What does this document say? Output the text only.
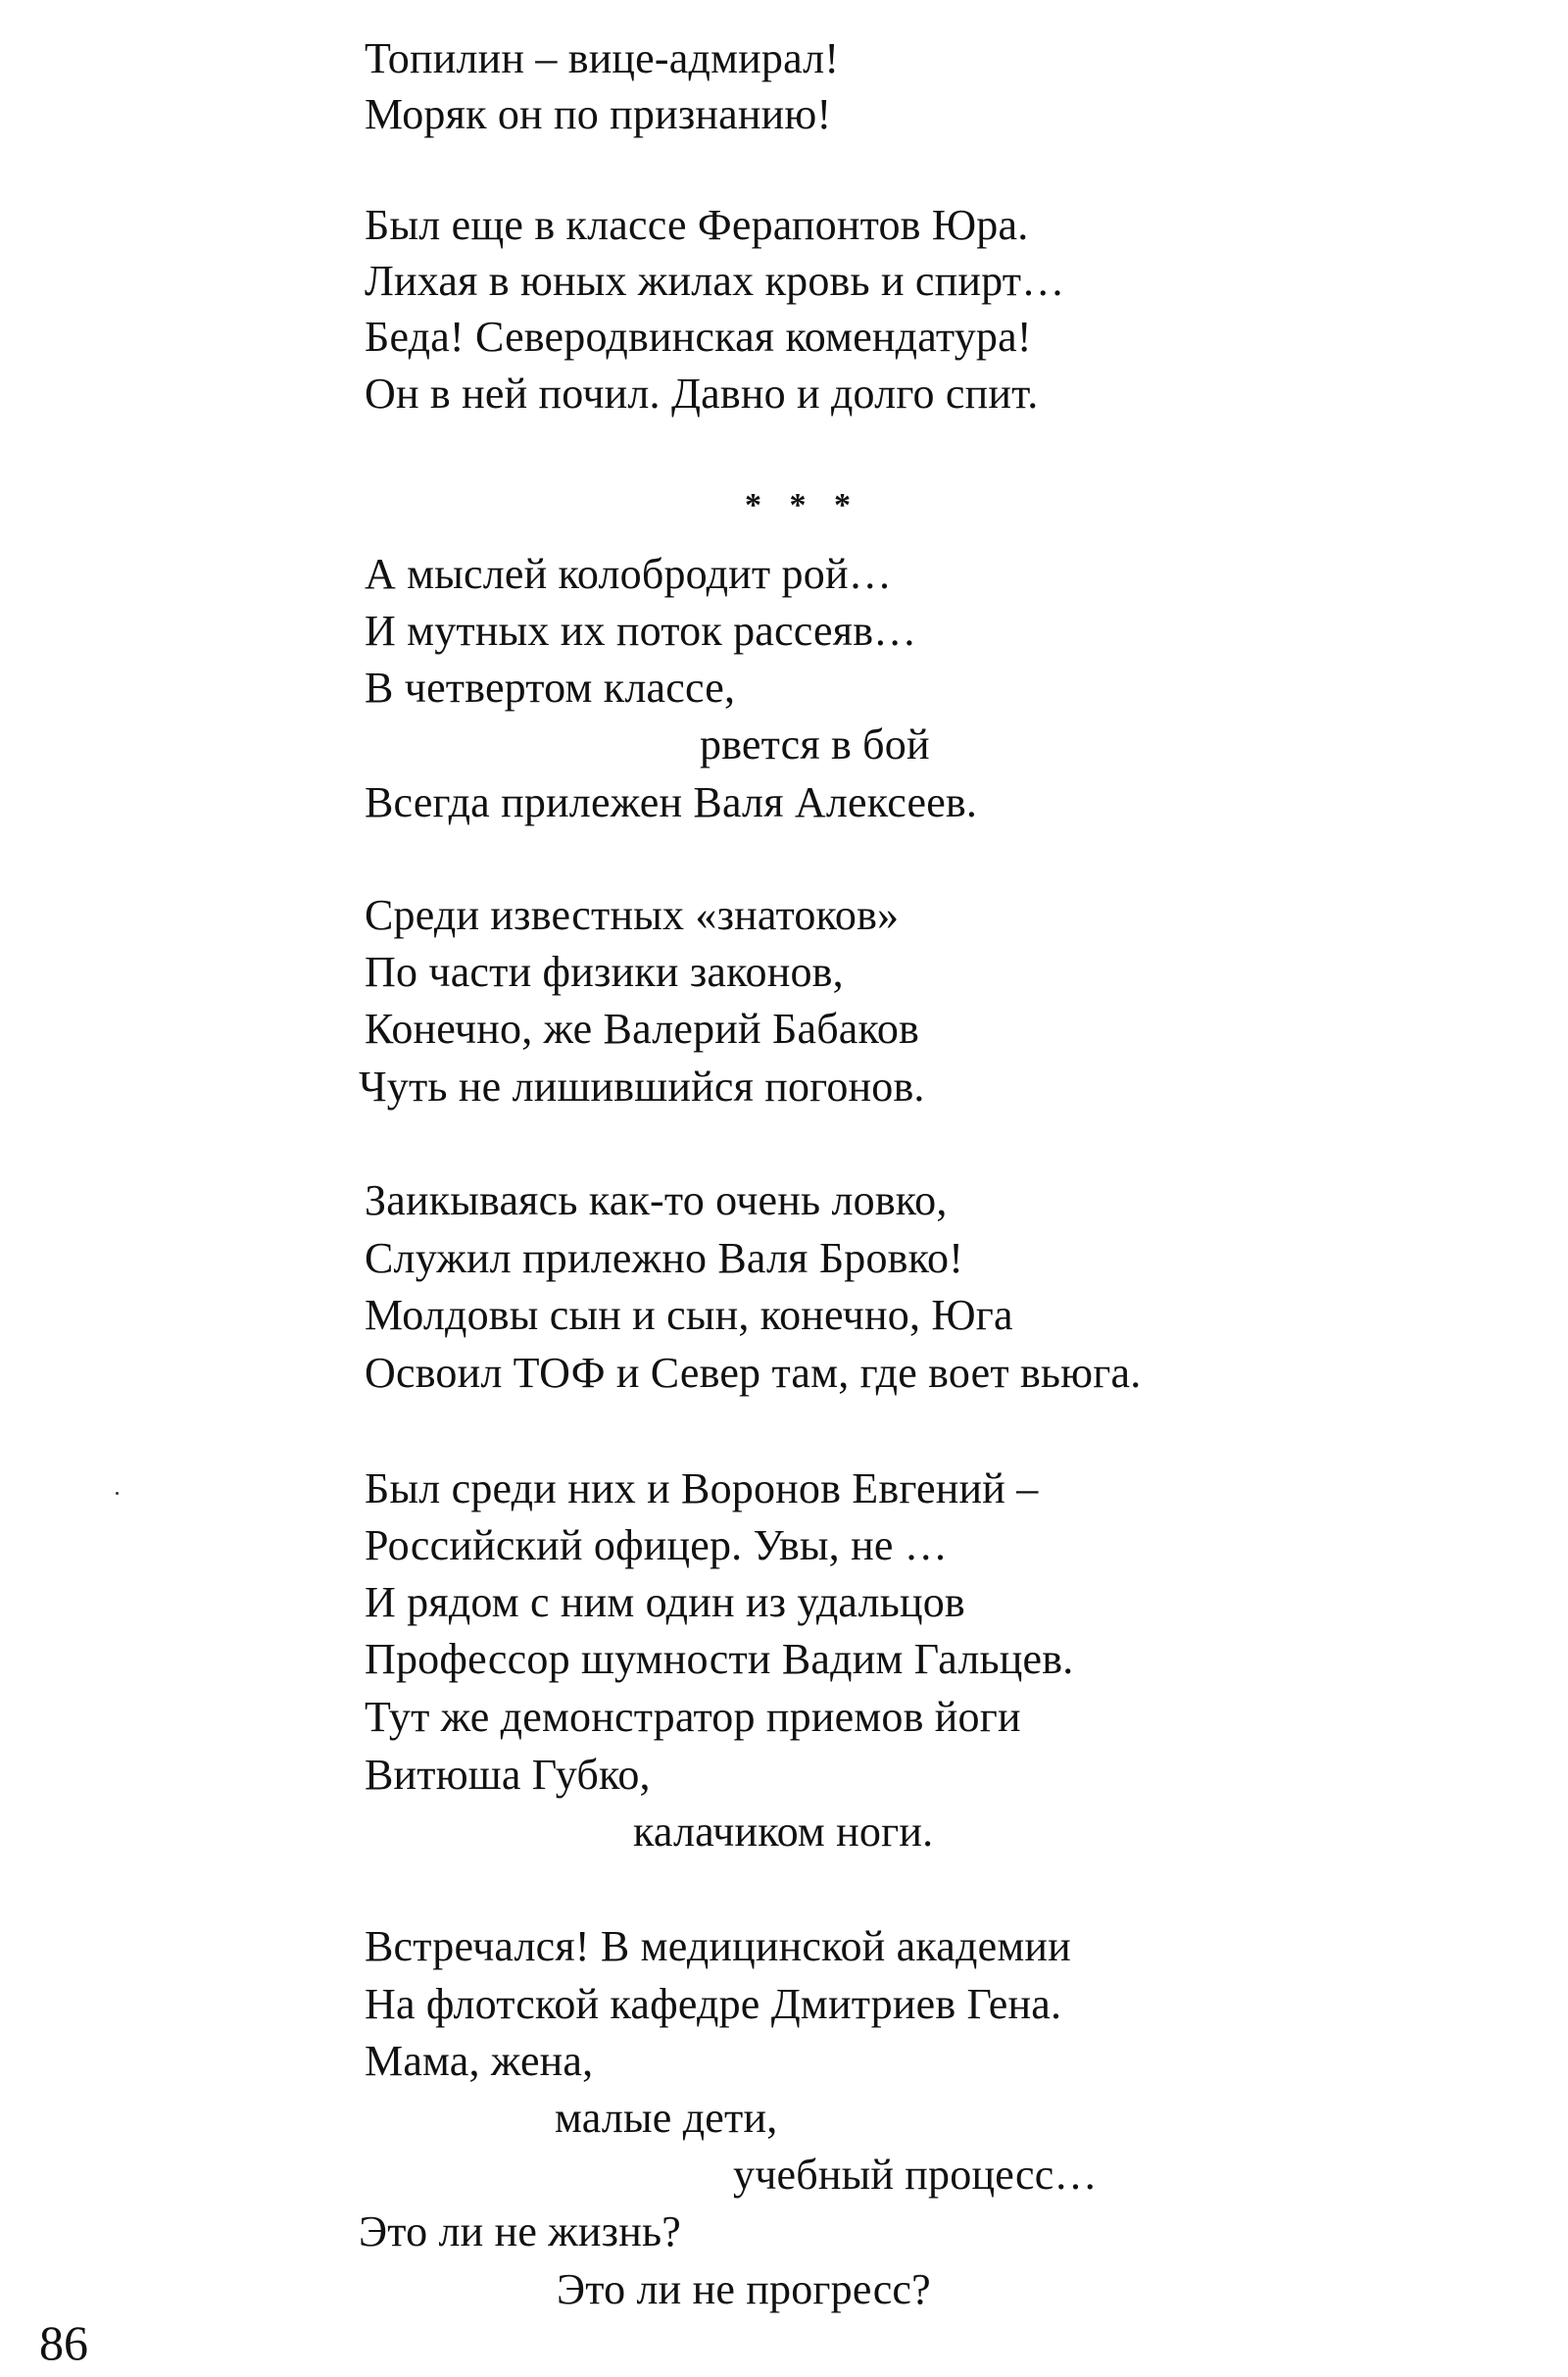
Топилин – вице-адмирал!
Моряк он по признанию!
Был еще в классе Ферапонтов Юра.
Лихая в юных жилах кровь и спирт…
Беда! Северодвинская комендатура!
Он в ней почил. Давно и долго спит.
* * *
А мыслей колобродит рой…
И мутных их поток рассеяв…
В четвертом классе,
рвется в бой
Всегда прилежен Валя Алексеев.
Среди известных «знатоков»
По части физики законов,
Конечно, же Валерий Бабаков
Чуть не лишившийся погонов.
Заикываясь как-то очень ловко,
Служил прилежно Валя Бровко!
Молдовы сын и сын, конечно, Юга
Освоил ТОФ и Север там, где воет вьюга.
Был среди них и Воронов Евгений –
Российский офицер. Увы, не …
И рядом с ним один из удальцов
Профессор шумности Вадим Гальцев.
Тут же демонстратор приемов йоги
Витюша Губко,
калачиком ноги.
Встречался! В медицинской академии
На флотской кафедре Дмитриев Гена.
Мама, жена,
малые дети,
учебный процесс…
Это ли не жизнь?
Это ли не прогресс?
86
